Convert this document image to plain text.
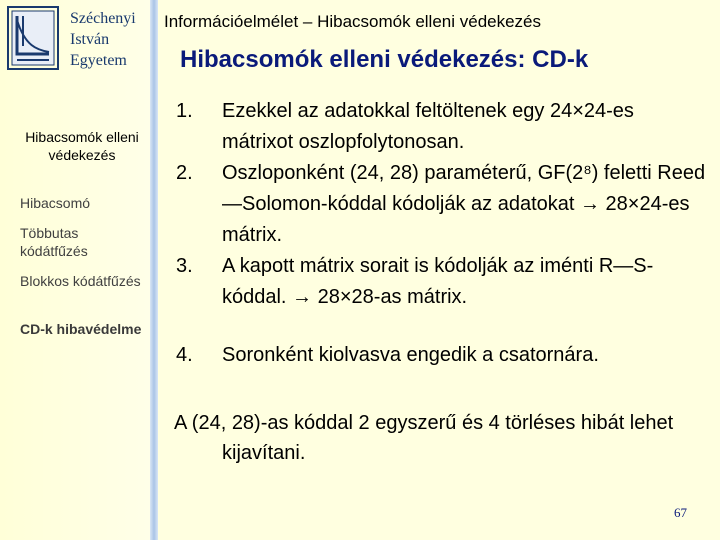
Széchenyi
István
Egyetem
Információelmélet – Hibacsomók elleni védekezés
Hibacsomók elleni védekezés: CD-k
Hibacsomók elleni védekezés
Hibacsomó
Többutas kódátfűzés
Blokkos kódátfűzés
CD-k hibavédelme
1. Ezekkel az adatokkal feltöltenek egy 24×24-es mátrixot oszlopfolytonosan.
2. Oszloponként (24, 28) paraméterű, GF(2⁸) feletti Reed—Solomon-kóddal kódolják az adatokat → 28×24-es mátrix.
3. A kapott mátrix sorait is kódolják az iménti R—S-kóddal. → 28×28-as mátrix.
4. Soronként kiolvasva engedik a csatornára.
A (24, 28)-as kóddal 2 egyszerű és 4 törléses hibát lehet kijavítani.
67
